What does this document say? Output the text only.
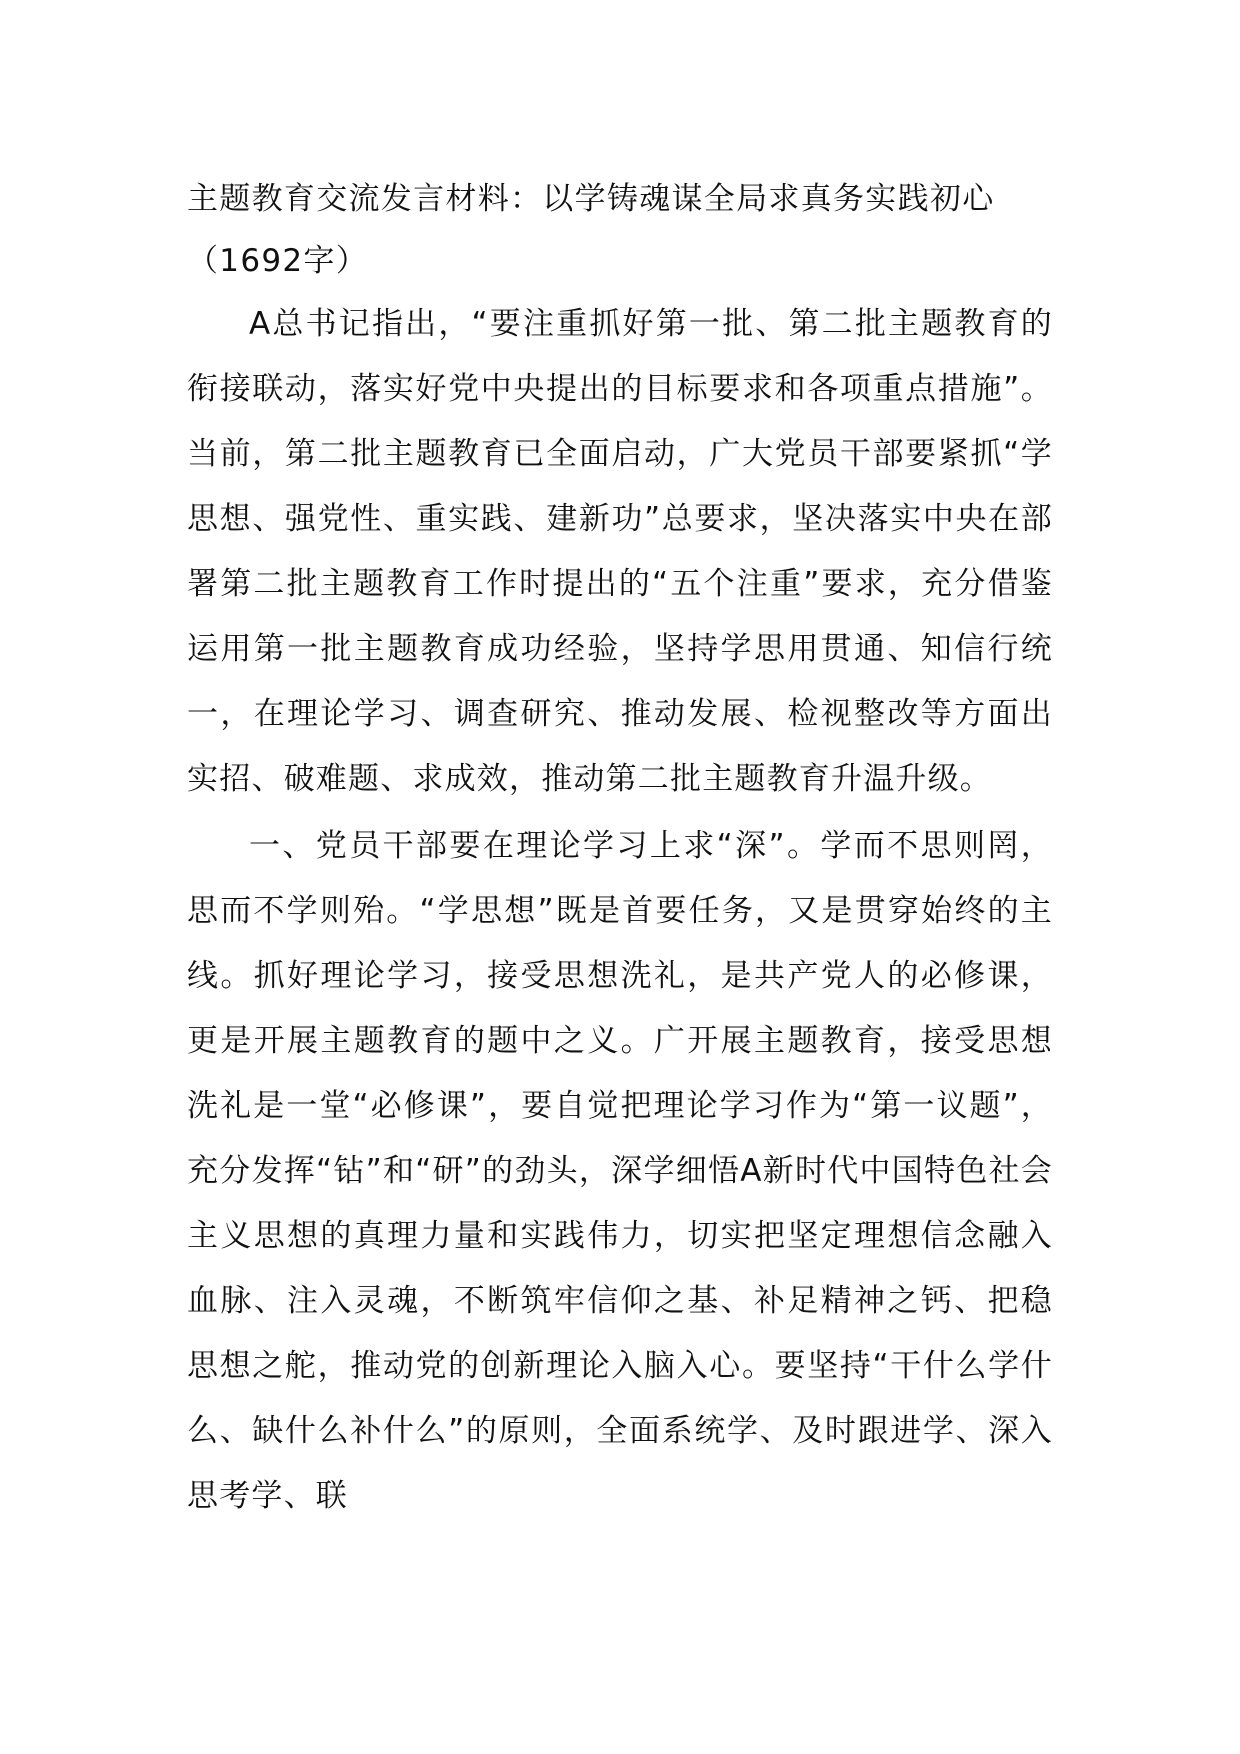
主题教育交流发言材料：以学铸魂谋全局求真务实践初心（1692字）

A总书记指出，“要注重抓好第一批、第二批主题教育的衔接联动，落实好党中央提出的目标要求和各项重点措施”。当前，第二批主题教育已全面启动，广大党员干部要紧抓“学思想、强党性、重实践、建新功”总要求，坚决落实中央在部署第二批主题教育工作时提出的“五个注重”要求，充分借鉴运用第一批主题教育成功经验，坚持学思用贯通、知信行统一，在理论学习、调查研究、推动发展、检视整改等方面出实招、破难题、求成效，推动第二批主题教育升温升级。

一、党员干部要在理论学习上求“深”。学而不思则罔，思而不学则殆。“学思想”既是首要任务，又是贯穿始终的主线。抓好理论学习，接受思想洗礼，是共产党人的必修课，更是开展主题教育的题中之义。广开展主题教育，接受思想洗礼是一堂“必修课”，要自觉把理论学习作为“第一议题”，充分发挥“钻”和“研”的劲头，深学细悟A新时代中国特色社会主义思想的真理力量和实践伟力，切实把坚定理想信念融入血脉、注入灵魂，不断筑牢信仰之基、补足精神之钙、把稳思想之舵，推动党的创新理论入脑入心。要坚持“干什么学什么、缺什么补什么”的原则，全面系统学、及时跟进学、深入思考学、联
